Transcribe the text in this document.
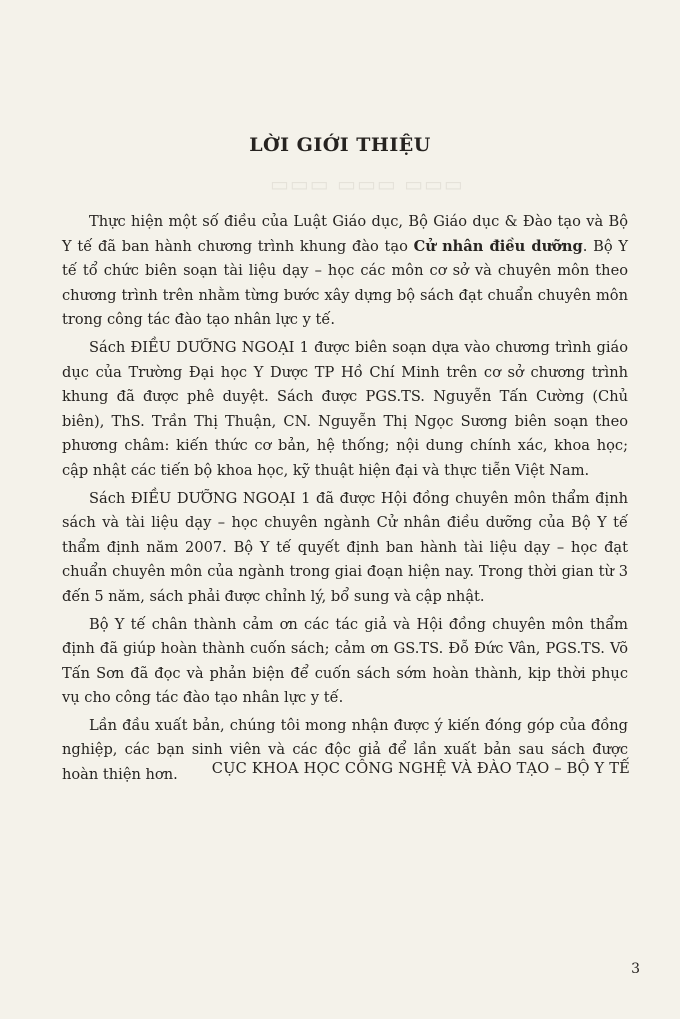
▭▭▭ ▭▭▭ ▭▭▭
LỜI GIỚI THIỆU

Thực hiện một số điều của Luật Giáo dục, Bộ Giáo dục & Đào tạo và Bộ Y tế đã ban hành chương trình khung đào tạo Cử nhân điều dưỡng. Bộ Y tế tổ chức biên soạn tài liệu dạy – học các môn cơ sở và chuyên môn theo chương trình trên nhằm từng bước xây dựng bộ sách đạt chuẩn chuyên môn trong công tác đào tạo nhân lực y tế.

Sách ĐIỀU DƯỠNG NGOẠI 1 được biên soạn dựa vào chương trình giáo dục của Trường Đại học Y Dược TP Hồ Chí Minh trên cơ sở chương trình khung đã được phê duyệt. Sách được PGS.TS. Nguyễn Tấn Cường (Chủ biên), ThS. Trần Thị Thuận, CN. Nguyễn Thị Ngọc Sương biên soạn theo phương châm: kiến thức cơ bản, hệ thống; nội dung chính xác, khoa học; cập nhật các tiến bộ khoa học, kỹ thuật hiện đại và thực tiễn Việt Nam.

Sách ĐIỀU DƯỠNG NGOẠI 1 đã được Hội đồng chuyên môn thẩm định sách và tài liệu dạy – học chuyên ngành Cử nhân điều dưỡng của Bộ Y tế thẩm định năm 2007. Bộ Y tế quyết định ban hành tài liệu dạy – học đạt chuẩn chuyên môn của ngành trong giai đoạn hiện nay. Trong thời gian từ 3 đến 5 năm, sách phải được chỉnh lý, bổ sung và cập nhật.

Bộ Y tế chân thành cảm ơn các tác giả và Hội đồng chuyên môn thẩm định đã giúp hoàn thành cuốn sách; cảm ơn GS.TS. Đỗ Đức Vân, PGS.TS. Võ Tấn Sơn đã đọc và phản biện để cuốn sách sớm hoàn thành, kịp thời phục vụ cho công tác đào tạo nhân lực y tế.

Lần đầu xuất bản, chúng tôi mong nhận được ý kiến đóng góp của đồng nghiệp, các bạn sinh viên và các độc giả để lần xuất bản sau sách được hoàn thiện hơn.	CỤC KHOA HỌC CÔNG NGHỆ VÀ ĐÀO TẠO – BỘ Y TẾ
3
